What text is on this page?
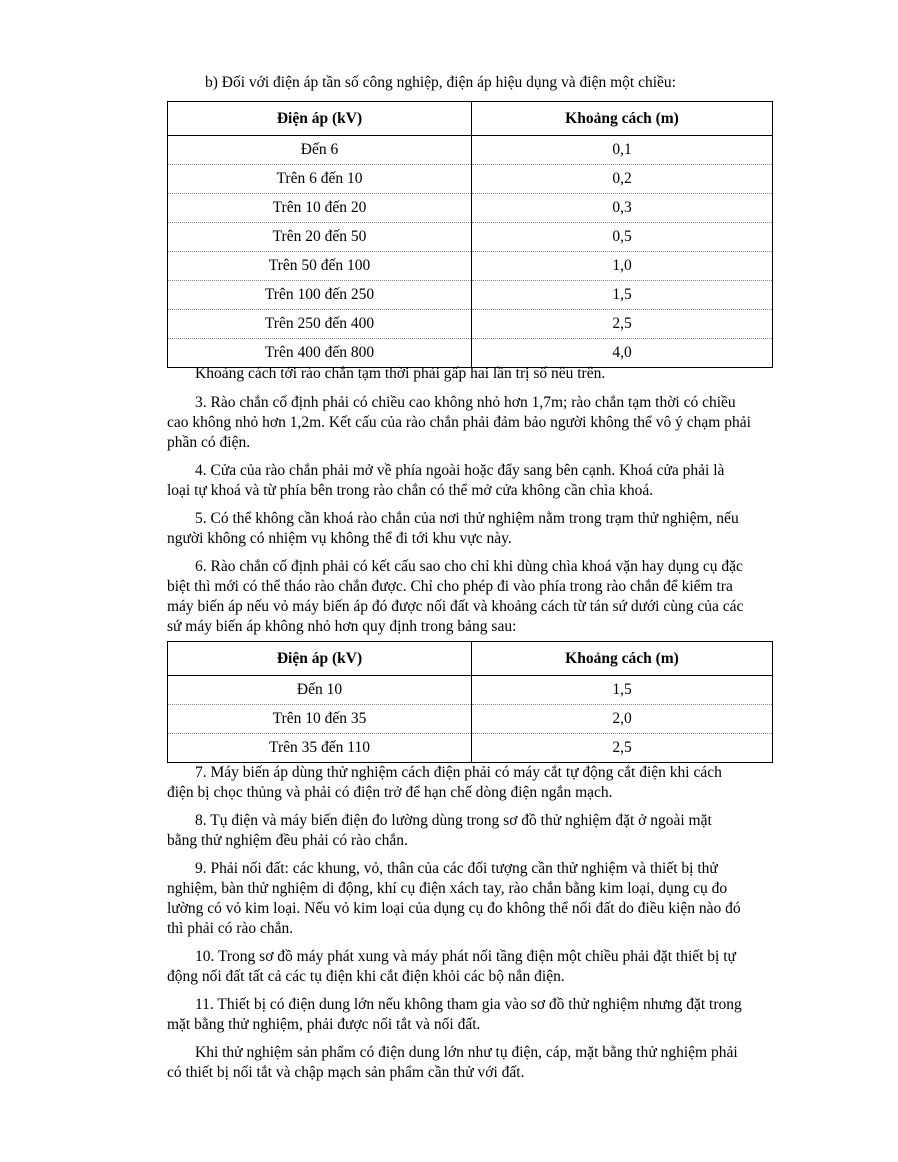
b) Đối với điện áp tần số công nghiệp, điện áp hiệu dụng và điện một chiều:
Điện áp (kV)	Khoảng cách (m)
Đến 6	0,1
Trên 6 đến 10	0,2
Trên 10 đến 20	0,3
Trên 20 đến 50	0,5
Trên 50 đến 100	1,0
Trên 100 đến 250	1,5
Trên 250 đến 400	2,5
Trên 400 đến 800	4,0
Khoảng cách tới rào chắn tạm thời phải gấp hai lần trị số nêu trên.
3. Rào chắn cố định phải có chiều cao không nhỏ hơn 1,7m; rào chắn tạm thời có chiều
cao không nhỏ hơn 1,2m. Kết cấu của rào chắn phải đảm bảo người không thể vô ý chạm phải
phần có điện.
4. Cửa của rào chắn phải mở về phía ngoài hoặc đẩy sang bên cạnh. Khoá cửa phải là
loại tự khoá và từ phía bên trong rào chắn có thể mở cửa không cần chìa khoá.
5. Có thể không cần khoá rào chắn của nơi thử nghiệm nằm trong trạm thử nghiệm, nếu
người không có nhiệm vụ không thể đi tới khu vực này.
6. Rào chắn cố định phải có kết cấu sao cho chỉ khi dùng chìa khoá vặn hay dụng cụ đặc
biệt thì mới có thể tháo rào chắn được. Chỉ cho phép đi vào phía trong rào chắn để kiểm tra
máy biến áp nếu vỏ máy biến áp đó được nối đất và khoảng cách từ tán sứ dưới cùng của các
sứ máy biến áp không nhỏ hơn quy định trong bảng sau:
Điện áp (kV)	Khoảng cách (m)
Đến 10	1,5
Trên 10 đến 35	2,0
Trên 35 đến 110	2,5
7. Máy biến áp dùng thử nghiệm cách điện phải có máy cắt tự động cắt điện khi cách
điện bị chọc thủng và phải có điện trở để hạn chế dòng điện ngắn mạch.
8. Tụ điện và máy biến điện đo lường dùng trong sơ đồ thử nghiệm đặt ở ngoài mặt
bằng thử nghiệm đều phải có rào chắn.
9. Phải nối đất: các khung, vỏ, thân của các đối tượng cần thử nghiệm và thiết bị thử
nghiệm, bàn thử nghiệm di động, khí cụ điện xách tay, rào chắn bằng kim loại, dụng cụ đo
lường có vỏ kim loại. Nếu vỏ kim loại của dụng cụ đo không thể nối đất do điều kiện nào đó
thì phải có rào chắn.
10. Trong sơ đồ máy phát xung và máy phát nối tầng điện một chiều phải đặt thiết bị tự
động nối đất tất cả các tụ điện khi cắt điện khỏi các bộ nắn điện.
11. Thiết bị có điện dung lớn nếu không tham gia vào sơ đồ thử nghiệm nhưng đặt trong
mặt bằng thử nghiệm, phải được nối tắt và nối đất.
Khi thử nghiệm sản phẩm có điện dung lớn như tụ điện, cáp, mặt bằng thử nghiệm phải
có thiết bị nối tắt và chập mạch sản phẩm cần thử với đất.
